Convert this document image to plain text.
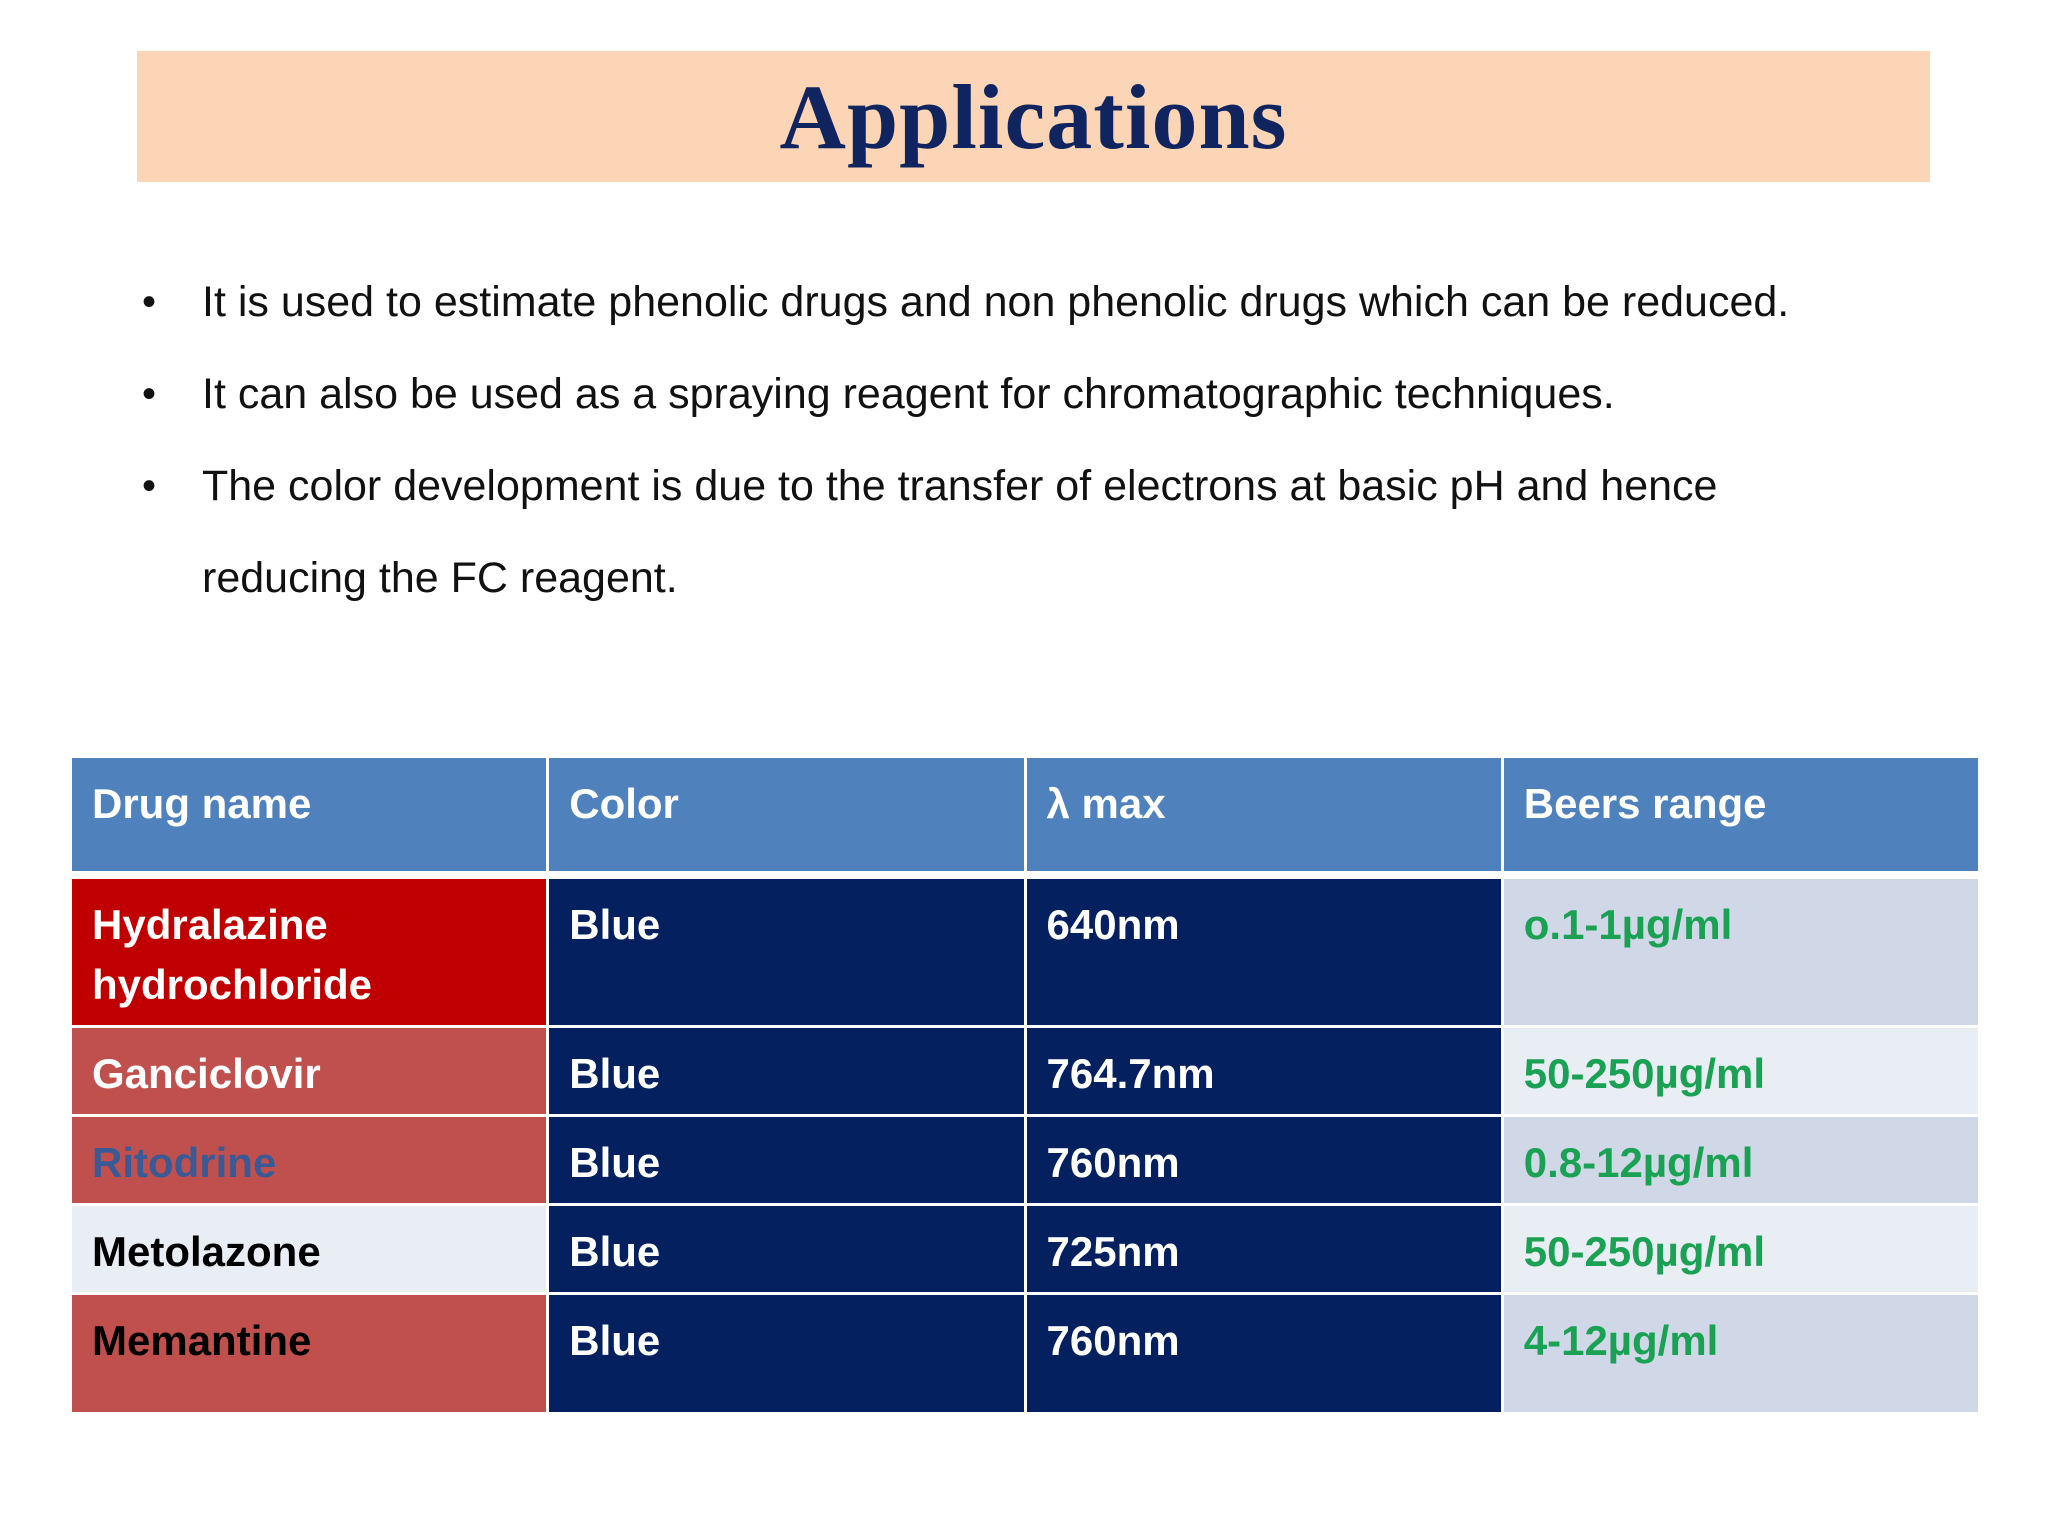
Applications
• It is used to estimate phenolic drugs and non phenolic drugs which can be reduced.
• It can also be used as a spraying reagent for chromatographic techniques.
• The color development is due to the transfer of electrons at basic pH and hence reducing the FC reagent.
Drug name	Color	λ max	Beers range
Hydralazine hydrochloride	Blue	640nm	o.1-1µg/ml
Ganciclovir	Blue	764.7nm	50-250µg/ml
Ritodrine	Blue	760nm	0.8-12µg/ml
Metolazone	Blue	725nm	50-250µg/ml
Memantine	Blue	760nm	4-12µg/ml
